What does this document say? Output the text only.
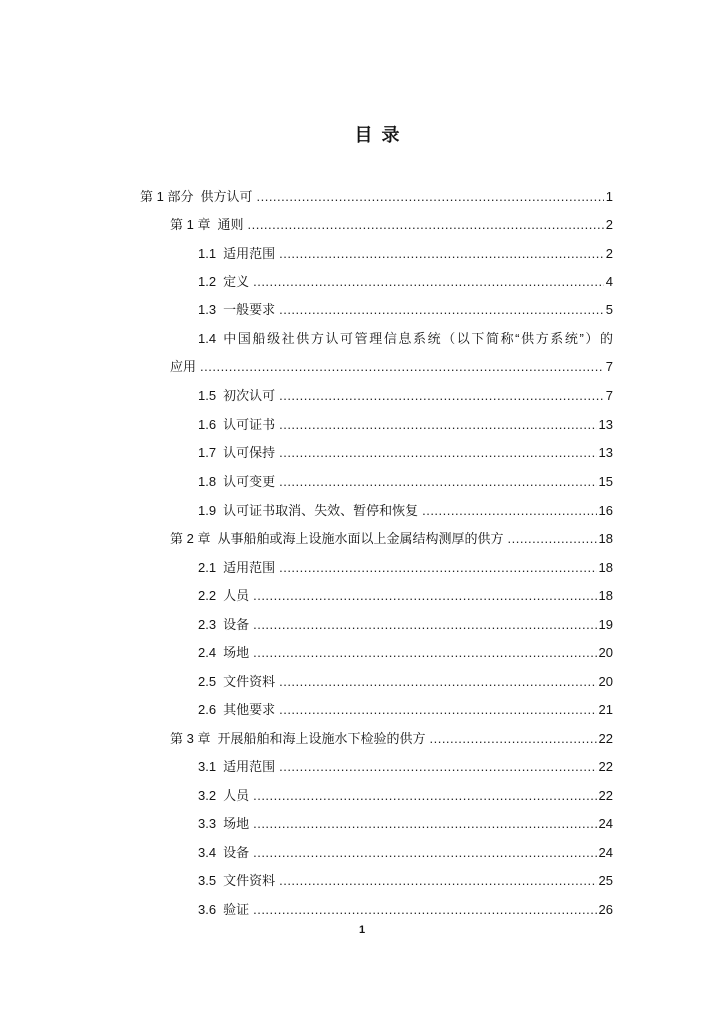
目 录
第 1 部分 供方认可 .....	1
第 1 章 通则 .....	2
1.1 适用范围 .....	2
1.2 定义 .....	4
1.3 一般要求 .....	5
1.4 中国船级社供方认可管理信息系统（以下简称“供方系统”）的
应用 .....	7
1.5 初次认可 .....	7
1.6 认可证书 .....	13
1.7 认可保持 .....	13
1.8 认可变更 .....	15
1.9 认可证书取消、失效、暂停和恢复 .....	16
第 2 章 从事船舶或海上设施水面以上金属结构测厚的供方 .....	18
2.1 适用范围 .....	18
2.2 人员 .....	18
2.3 设备 .....	19
2.4 场地 .....	20
2.5 文件资料 .....	20
2.6 其他要求 .....	21
第 3 章 开展船舶和海上设施水下检验的供方 .....	22
3.1 适用范围 .....	22
3.2 人员 .....	22
3.3 场地 .....	24
3.4 设备 .....	24
3.5 文件资料 .....	25
3.6 验证 .....	26
1
